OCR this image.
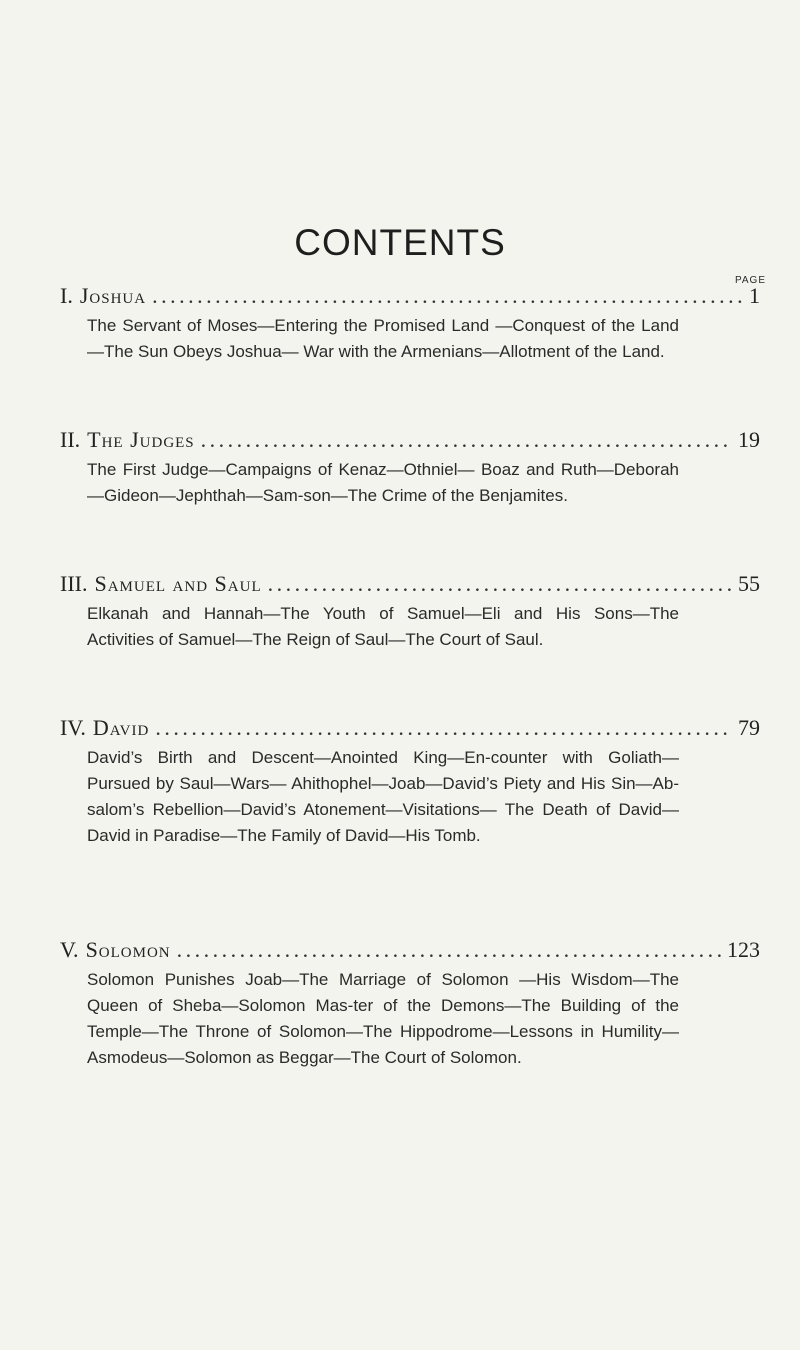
CONTENTS
PAGE
I. Joshua . . .	1
The Servant of Moses—Entering the Promised Land —Conquest of the Land—The Sun Obeys Joshua— War with the Armenians—Allotment of the Land.
II. The Judges . . .	19
The First Judge—Campaigns of Kenaz—Othniel— Boaz and Ruth—Deborah—Gideon—Jephthah—Sam-son—The Crime of the Benjamites.
III. Samuel and Saul . . .	55
Elkanah and Hannah—The Youth of Samuel—Eli and His Sons—The Activities of Samuel—The Reign of Saul—The Court of Saul.
IV. David . . .	79
David’s Birth and Descent—Anointed King—En-counter with Goliath—Pursued by Saul—Wars— Ahithophel—Joab—David’s Piety and His Sin—Ab-salom’s Rebellion—David’s Atonement—Visitations— The Death of David—David in Paradise—The Family of David—His Tomb.
V. Solomon . . .	123
Solomon Punishes Joab—The Marriage of Solomon —His Wisdom—The Queen of Sheba—Solomon Mas-ter of the Demons—The Building of the Temple—The Throne of Solomon—The Hippodrome—Lessons in Humility—Asmodeus—Solomon as Beggar—The Court of Solomon.
